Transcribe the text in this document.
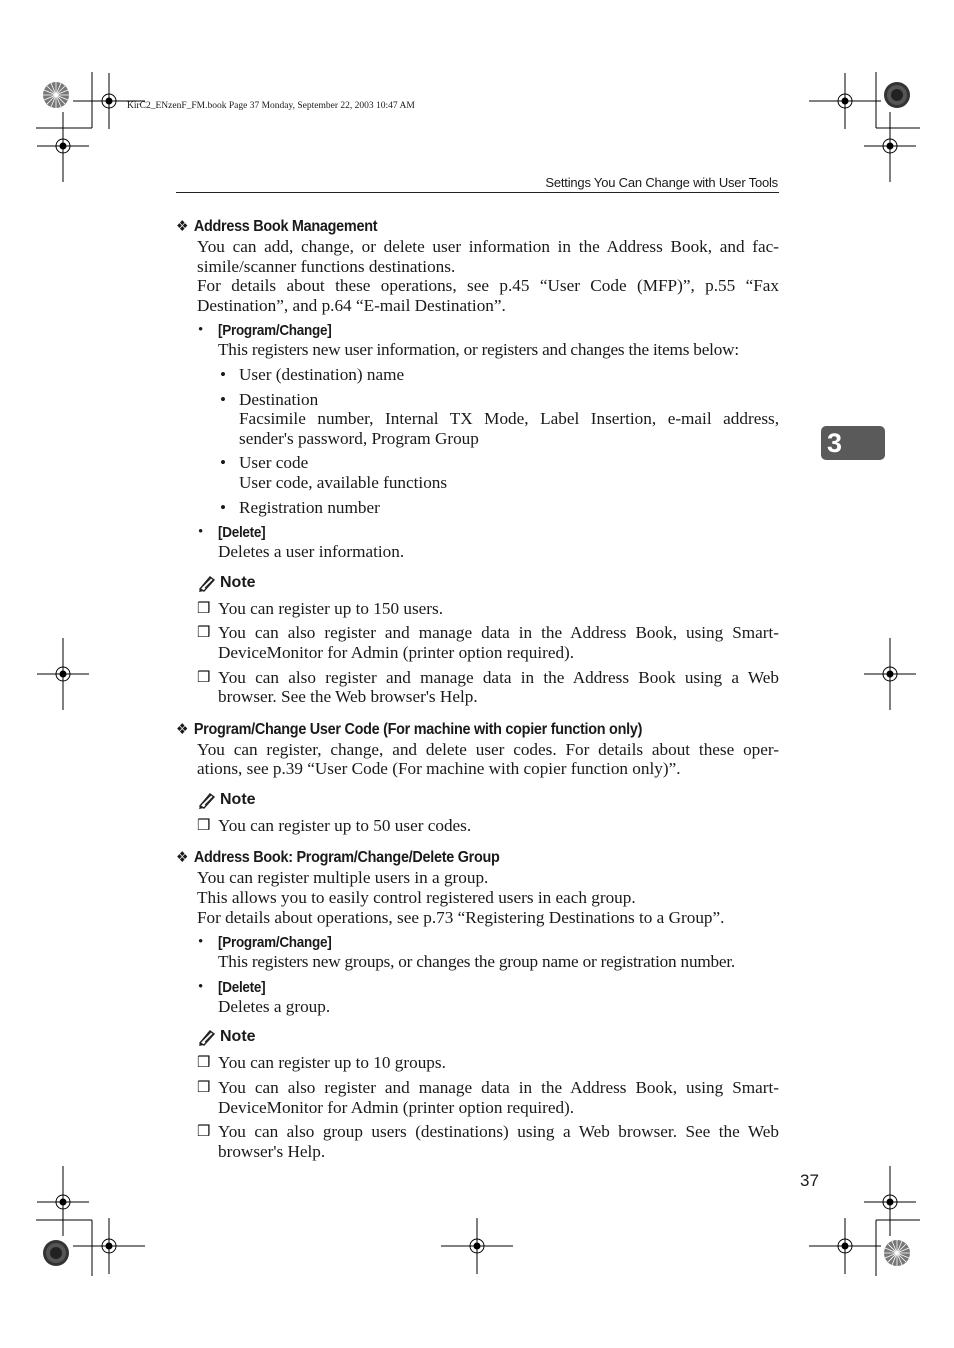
KirC2_ENzenF_FM.book Page 37 Monday, September 22, 2003 10:47 AM
Settings You Can Change with User Tools
3
37
❖ Address Book Management
You can add, change, or delete user information in the Address Book, and fac-
simile/scanner functions destinations.
For details about these operations, see p.45 “User Code (MFP)”, p.55 “Fax
Destination”, and p.64 “E-mail Destination”.
• [Program/Change]
This registers new user information, or registers and changes the items below:
• User (destination) name
• Destination
Facsimile number, Internal TX Mode, Label Insertion, e-mail address,
sender's password, Program Group
• User code
User code, available functions
• Registration number
• [Delete]
Deletes a user information.
Note
❒ You can register up to 150 users.
❒ You can also register and manage data in the Address Book, using Smart-
DeviceMonitor for Admin (printer option required).
❒ You can also register and manage data in the Address Book using a Web
browser. See the Web browser's Help.
❖ Program/Change User Code (For machine with copier function only)
You can register, change, and delete user codes. For details about these oper-
ations, see p.39 “User Code (For machine with copier function only)”.
Note
❒ You can register up to 50 user codes.
❖ Address Book: Program/Change/Delete Group
You can register multiple users in a group.
This allows you to easily control registered users in each group.
For details about operations, see p.73 “Registering Destinations to a Group”.
• [Program/Change]
This registers new groups, or changes the group name or registration number.
• [Delete]
Deletes a group.
Note
❒ You can register up to 10 groups.
❒ You can also register and manage data in the Address Book, using Smart-
DeviceMonitor for Admin (printer option required).
❒ You can also group users (destinations) using a Web browser. See the Web
browser's Help.
